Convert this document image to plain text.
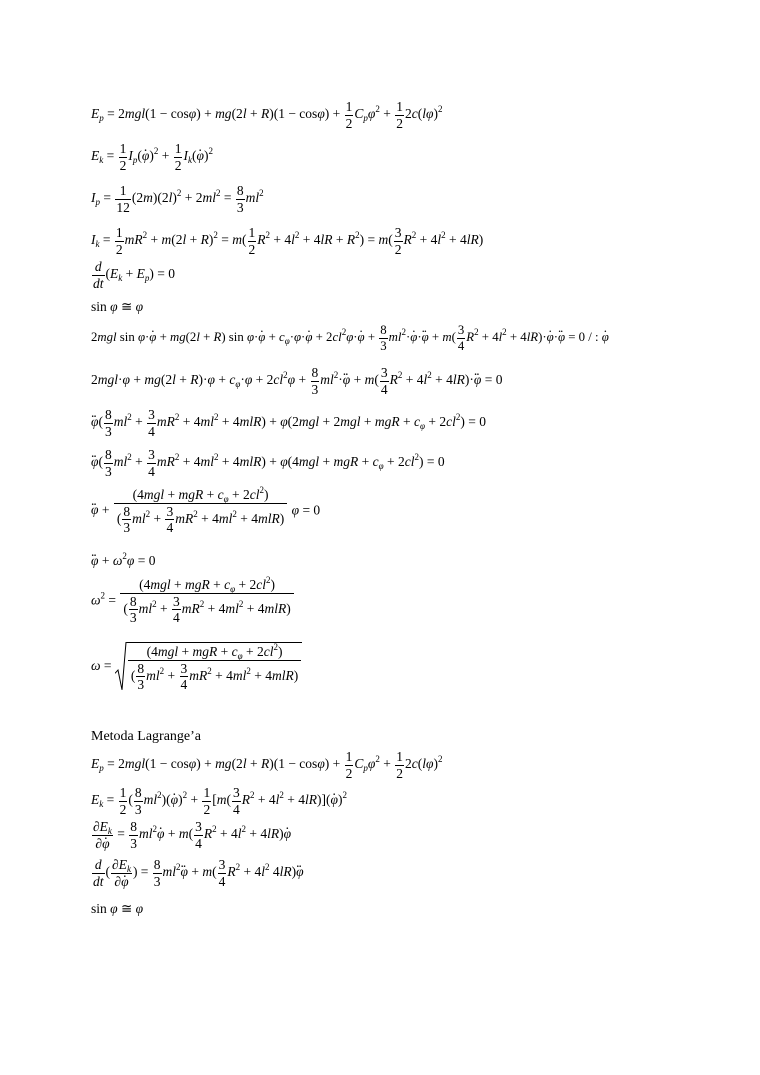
$E_p = 2mgl(1 - \cos\varphi) + mg(2l + R)(1 - \cos\varphi) + \frac{1}{2} C_p\varphi^2 + \frac{1}{2} 2c(l\varphi)^2$
$E_k = \frac{1}{2} I_p(\varphi$ $.)^2 + \frac{1}{2} I_k(\varphi$ .)$^2$
$I_p = \frac{1}{12} (2m)(2l)^2 + 2ml^2 = \frac{8}{3} ml^2$
$I_k = \frac{1}{2} mR^2 + m(2l + R)^2 = m( \frac{1}{2} R^2 + 4l^2 + 4lR + R^2) = m( \frac{3}{2} R^2 + 4l^2 + 4lR)$
$\frac{d}{dt} (E_k + E_p) = 0$
sin φ ≅ φ
2mgl sin φ·φ . + mg(2l + R) sin φ·φ . + $c_\varphi\cdot\varphi\cdot\varphi$ . + $2cl^2\varphi\cdot\varphi$ . + $\frac{8}{3} ml^2\cdot\varphi$ .·φ .. + $m( \frac{3}{4} R^2 + 4l^2 + 4lR)\cdot\varphi$ .·φ .. = 0 / : φ .
$2mgl\cdot\varphi + mg(2l + R)\cdot\varphi + c_\varphi\cdot\varphi + 2cl^2\varphi + \frac{8}{3} ml^2\cdot\varphi$ .. + $m( \frac{3}{4} R^2 + 4l^2 + 4lR)\cdot\varphi$ .. = 0
φ ..( $\frac{8}{3} ml^2 + \frac{3}{4} mR^2 + 4ml^2 + 4mlR) + \varphi(2mgl + 2mgl$ + mgR + $c_\varphi + 2cl^2) = 0$
φ ..( $\frac{8}{3} ml^2 + \frac{3}{4} mR^2 + 4ml^2 + 4mlR) + \varphi(4mgl$ + mgR + $c_\varphi + 2cl^2) = 0$
φ .. + $\frac{(4mgl + mgR + c_\varphi + 2cl^2)}{( \frac{8}{3} ml^2 + \frac{3}{4} mR^2 + 4ml^2 + 4mlR)}$ φ = 0
φ .. + $\omega^2\varphi = 0$
$\omega^2 = \frac{(4mgl + mgR + c_\varphi + 2cl^2)}{( \frac{8}{3} ml^2 + \frac{3}{4} mR^2 + 4ml^2 + 4mlR)}$
$\omega = \frac{(4mgl + mgR + c_\varphi + 2cl^2)}{( \frac{8}{3} ml^2 + \frac{3}{4} mR^2 + 4ml^2 + 4mlR)}$
Metoda Lagrange’a
$E_p = 2mgl(1 - \cos\varphi) + mg(2l + R)(1 - \cos\varphi) + \frac{1}{2} C_p\varphi^2 + \frac{1}{2} 2c(l\varphi)^2$
$E_k = \frac{1}{2}$ ( $\frac{8}{3} ml^2)(\varphi$ $.)^2 + \frac{1}{2} [m( \frac{3}{4} R^2 + 4l^2 + 4lR)](\varphi$ .)$^2$
$\frac{\partial E_k}{\partial\varphi}$ . = $\frac{8}{3} ml^2\varphi$ . + $m( \frac{3}{4} R^2 + 4l^2 + 4lR)\varphi$ .
$\frac{d}{dt}$ ( $\frac{\partial E_k}{\partial\varphi}$ . ) = $\frac{8}{3} ml^2\varphi$ .. + $m( \frac{3}{4} R^2 + 4l^2$ 4lR)φ ..
sin φ ≅ φ
